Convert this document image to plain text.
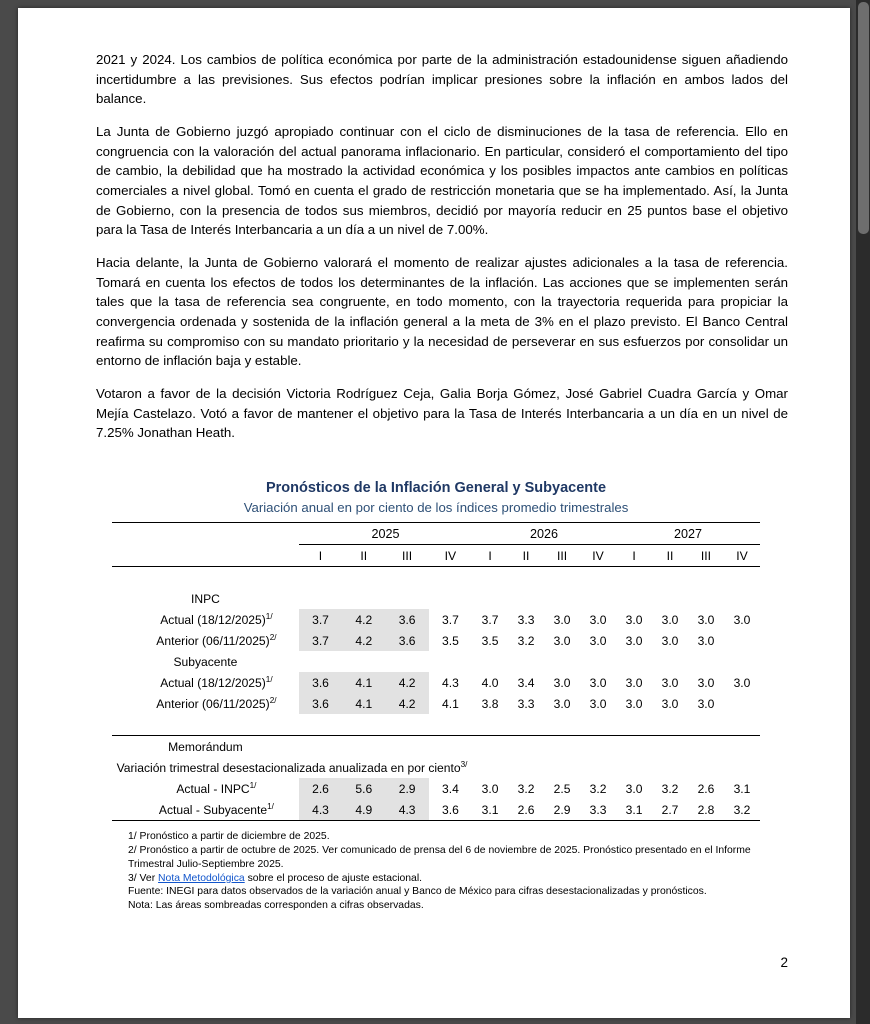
2021 y 2024. Los cambios de política económica por parte de la administración estadounidense siguen añadiendo incertidumbre a las previsiones. Sus efectos podrían implicar presiones sobre la inflación en ambos lados del balance.

La Junta de Gobierno juzgó apropiado continuar con el ciclo de disminuciones de la tasa de referencia. Ello en congruencia con la valoración del actual panorama inflacionario. En particular, consideró el comportamiento del tipo de cambio, la debilidad que ha mostrado la actividad económica y los posibles impactos ante cambios en políticas comerciales a nivel global. Tomó en cuenta el grado de restricción monetaria que se ha implementado. Así, la Junta de Gobierno, con la presencia de todos sus miembros, decidió por mayoría reducir en 25 puntos base el objetivo para la Tasa de Interés Interbancaria a un día a un nivel de 7.00%.

Hacia delante, la Junta de Gobierno valorará el momento de realizar ajustes adicionales a la tasa de referencia. Tomará en cuenta los efectos de todos los determinantes de la inflación. Las acciones que se implementen serán tales que la tasa de referencia sea congruente, en todo momento, con la trayectoria requerida para propiciar la convergencia ordenada y sostenida de la inflación general a la meta de 3% en el plazo previsto. El Banco Central reafirma su compromiso con su mandato prioritario y la necesidad de perseverar en sus esfuerzos por consolidar un entorno de inflación baja y estable.

Votaron a favor de la decisión Victoria Rodríguez Ceja, Galia Borja Gómez, José Gabriel Cuadra García y Omar Mejía Castelazo. Votó a favor de mantener el objetivo para la Tasa de Interés Interbancaria a un día en un nivel de 7.25% Jonathan Heath.

Pronósticos de la Inflación General y Subyacente
Variación anual en por ciento de los índices promedio trimestrales
	2025				2026				2027			
	I	II	III	IV	I	II	III	IV	I	II	III	IV

INPC												
Actual $(18/12/2025)^{1/}$	3.7	4.2	3.6	3.7	3.7	3.3	3.0	3.0	3.0	3.0	3.0	3.0
Anterior $(06/11/2025)^{2/}$	3.7	4.2	3.6	3.5	3.5	3.2	3.0	3.0	3.0	3.0	3.0	
Subyacente												
Actual $(18/12/2025)^{1/}$	3.6	4.1	4.2	4.3	4.0	3.4	3.0	3.0	3.0	3.0	3.0	3.0
Anterior $(06/11/2025)^{2/}$	3.6	4.1	4.2	4.1	3.8	3.3	3.0	3.0	3.0	3.0	3.0	

Memorándum												
Variación trimestral desestacionalizada anualizada en por ciento$^{3/}$	
Actual - $INPC^{1/}$	2.6	5.6	2.9	3.4	3.0	3.2	2.5	3.2	3.0	3.2	2.6	3.1
Actual - Subyacente$^{1/}$	4.3	4.9	4.3	3.6	3.1	2.6	2.9	3.3	3.1	2.7	2.8	3.2
1/ Pronóstico a partir de diciembre de 2025.
2/ Pronóstico a partir de octubre de 2025. Ver comunicado de prensa del 6 de noviembre de 2025. Pronóstico presentado en el Informe Trimestral Julio-Septiembre 2025.
3/ Ver Nota Metodológica sobre el proceso de ajuste estacional.
Fuente: INEGI para datos observados de la variación anual y Banco de México para cifras desestacionalizadas y pronósticos.
Nota: Las áreas sombreadas corresponden a cifras observadas.
2
